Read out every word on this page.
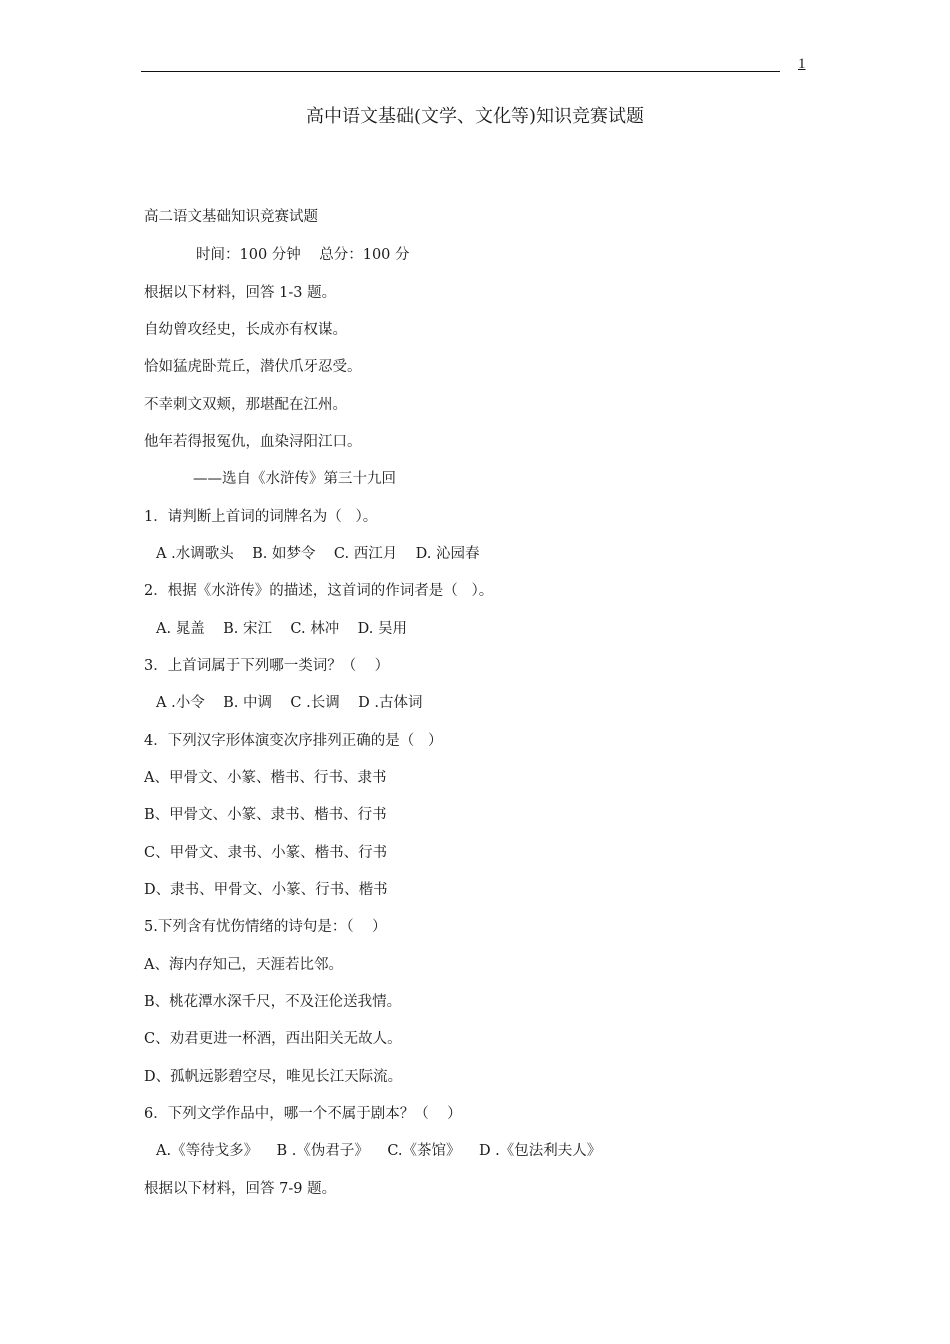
1
高中语文基础(文学、文化等)知识竞赛试题
高二语文基础知识竞赛试题
时间：100 分钟    总分：100 分
根据以下材料，回答 1-3 题。
自幼曾攻经史，长成亦有权谋。
恰如猛虎卧荒丘，潜伏爪牙忍受。
不幸刺文双颊，那堪配在江州。
他年若得报冤仇，血染浔阳江口。
——选自《水浒传》第三十九回
1．请判断上首词的词牌名为（   ）。
A .水调歌头    B. 如梦令    C. 西江月    D. 沁园春
2．根据《水浒传》的描述，这首词的作词者是（   ）。
A. 晁盖    B. 宋江    C. 林冲    D. 吴用
3．上首词属于下列哪一类词？（    ）
A .小令    B. 中调    C .长调    D .古体词
4．下列汉字形体演变次序排列正确的是（   ）
A、甲骨文、小篆、楷书、行书、隶书
B、甲骨文、小篆、隶书、楷书、行书
C、甲骨文、隶书、小篆、楷书、行书
D、隶书、甲骨文、小篆、行书、楷书
5.下列含有忧伤情绪的诗句是：（    ）
A、海内存知己，天涯若比邻。
B、桃花潭水深千尺，不及汪伦送我情。
C、劝君更进一杯酒，西出阳关无故人。
D、孤帆远影碧空尽，唯见长江天际流。
6．下列文学作品中，哪一个不属于剧本？（    ）
A.《等待戈多》    B .《伪君子》    C.《茶馆》    D .《包法利夫人》
根据以下材料，回答 7-9 题。
